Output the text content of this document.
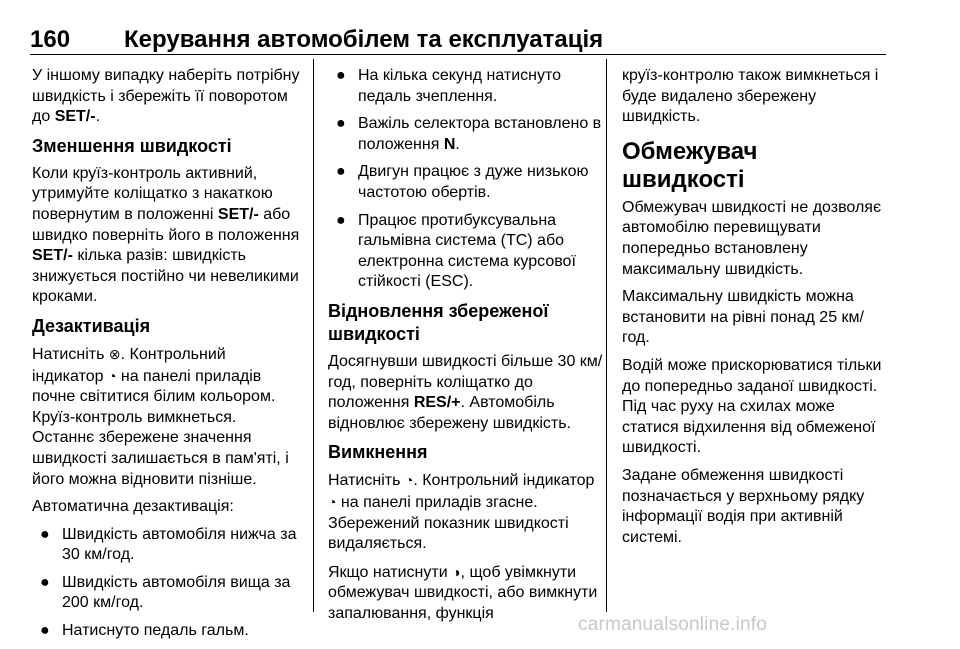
160 Керування автомобілем та експлуатація

У іншому випадку наберіть потрібну швидкість і збережіть її поворотом до SET/-.

Зменшення швидкості

Коли круїз-контроль активний, утримуйте коліщатко з накаткою повернутим в положенні SET/- або швидко поверніть його в положення SET/- кілька разів: швидкість знижується постійно чи невеликими кроками.

Дезактивація

Натисніть ⊗. Контрольний індикатор ◔ на панелі приладів почне світитися білим кольором. Круїз-контроль вимкнеться. Останнє збережене значення швидкості залишається в пам'яті, і його можна відновити пізніше.

Автоматична дезактивація:

● Швидкість автомобіля нижча за 30 км/год.
● Швидкість автомобіля вища за 200 км/год.
● Натиснуто педаль гальм.
● На кілька секунд натиснуто педаль зчеплення.
● Важіль селектора встановлено в положення N.
● Двигун працює з дуже низькою частотою обертів.
● Працює протибуксувальна гальмівна система (TC) або електронна система курсової стійкості (ESC).
Відновлення збереженої швидкості

Досягнувши швидкості більше 30 км/год, поверніть коліщатко до положення RES/+. Автомобіль відновлює збережену швидкість.

Вимкнення

Натисніть ◔. Контрольний індикатор ◔ на панелі приладів згасне. Збережений показник швидкості видаляється.

Якщо натиснути ◑, щоб увімкнути обмежувач швидкості, або вимкнути запалювання, функція

круїз-контролю також вимкнеться і буде видалено збережену швидкість.

Обмежувач швидкості

Обмежувач швидкості не дозволяє автомобілю перевищувати попередньо встановлену максимальну швидкість.

Максимальну швидкість можна встановити на рівні понад 25 км/год.

Водій може прискорюватися тільки до попередньо заданої швидкості. Під час руху на схилах може статися відхилення від обмеженої швидкості.

Задане обмеження швидкості позначається у верхньому рядку інформації водія при активній системі.

carmanualsonline.info
